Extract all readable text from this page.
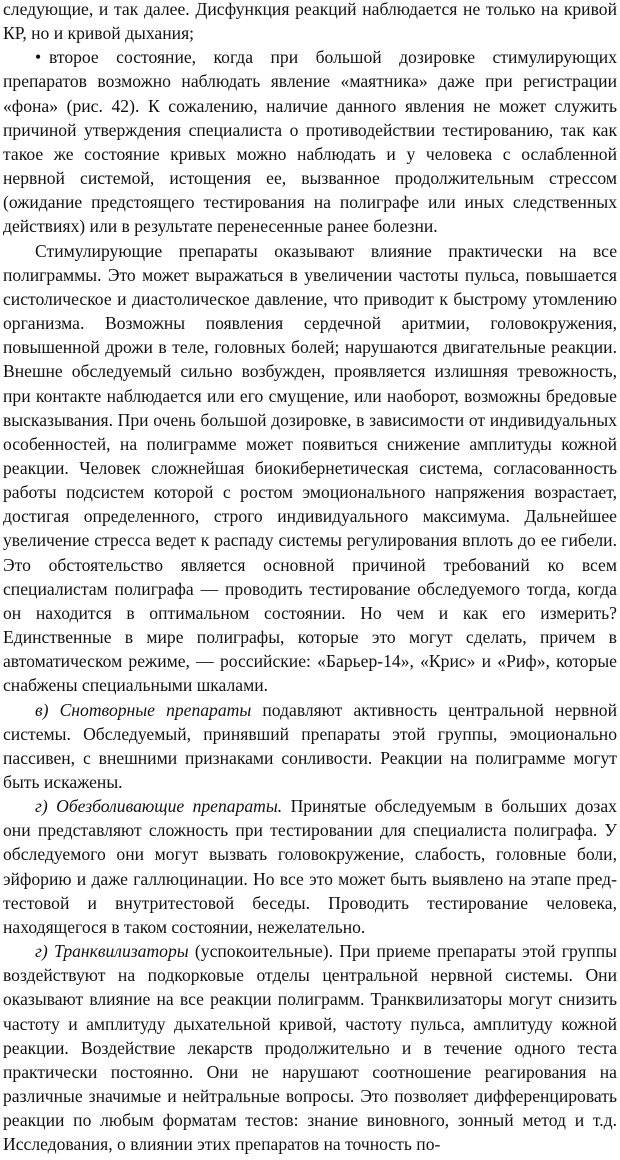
следующие, и так далее. Дисфункция реакций наблюдается не только на кривой КР, но и кривой дыхания;

• второе состояние, когда при большой дозировке стимулирующих препаратов возможно наблюдать явление «маятника» даже при регистрации «фона» (рис. 42). К сожалению, наличие данного явления не может служить причиной утверждения специалиста о противодействии тестированию, так как такое же состояние кривых можно наблюдать и у человека с ослабленной нервной системой, истощения ее, вызванное продолжительным стрессом (ожидание предстоящего тестирования на полиграфе или иных следственных действиях) или в результате перенесенные ранее болезни.

Стимулирующие препараты оказывают влияние практически на все полиграммы. Это может выражаться в увеличении частоты пульса, повышается систолическое и диастолическое давление, что приводит к быстрому утомлению организма. Возможны появления сердечной аритмии, головокружения, повышенной дрожи в теле, головных болей; нарушаются двигательные реакции. Внешне обследуемый сильно возбужден, проявляется излишняя тревожность, при контакте наблюдается или его смущение, или наоборот, возможны бредовые высказывания. При очень большой дозировке, в зависимости от индивидуальных особенностей, на полиграмме может появиться снижение амплитуды кожной реакции. Человек сложнейшая биокибернетическая система, согласованность работы подсистем которой с ростом эмоционального напряжения возрастает, достигая определенного, строго индивидуального максимума. Дальнейшее увеличение стресса ведет к распаду системы регулирования вплоть до ее гибели. Это обстоятельство является основной причиной требований ко всем специалистам полиграфа — проводить тестирование обследуемого тогда, когда он находится в оптимальном состоянии. Но чем и как его измерить? Единственные в мире полиграфы, которые это могут сделать, причем в автоматическом режиме, — российские: «Барьер-14», «Крис» и «Риф», которые снабжены специальными шкалами.

в) Снотворные препараты подавляют активность центральной нервной системы. Обследуемый, принявший препараты этой группы, эмоционально пассивен, с внешними признаками сонливости. Реакции на полиграмме могут быть искажены.

г) Обезболивающие препараты. Принятые обследуемым в больших дозах они представляют сложность при тестировании для специалиста полиграфа. У обследуемого они могут вызвать головокружение, слабость, головные боли, эйфорию и даже галлюцинации. Но все это может быть выявлено на этапе пред-тестовой и внутритестовой беседы. Проводить тестирование человека, находящегося в таком состоянии, нежелательно.

г) Транквилизаторы (успокоительные). При приеме препараты этой группы воздействуют на подкорковые отделы центральной нервной системы. Они оказывают влияние на все реакции полиграмм. Транквилизаторы могут снизить частоту и амплитуду дыхательной кривой, частоту пульса, амплитуду кожной реакции. Воздействие лекарств продолжительно и в течение одного теста практически постоянно. Они не нарушают соотношение реагирования на различные значимые и нейтральные вопросы. Это позволяет дифференцировать реакции по любым форматам тестов: знание виновного, зонный метод и т.д. Исследования, о влиянии этих препаратов на точность по-
